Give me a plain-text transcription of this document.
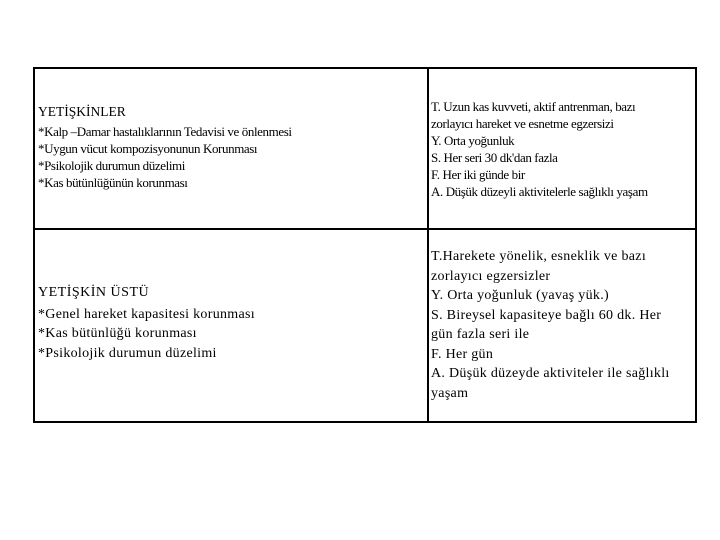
YETİŞKİNLER
*Kalp –Damar hastalıklarının Tedavisi ve önlenmesi
*Uygun vücut kompozisyonunun Korunması
*Psikolojik durumun düzelimi
*Kas bütünlüğünün korunması
T. Uzun kas kuvveti, aktif antrenman, bazı
zorlayıcı hareket ve esnetme egzersizi
Y. Orta yoğunluk
S. Her seri 30 dk'dan fazla
F. Her iki günde bir
A. Düşük düzeyli aktivitelerle sağlıklı yaşam
YETİŞKİN ÜSTÜ
*Genel hareket kapasitesi korunması
*Kas bütünlüğü korunması
*Psikolojik durumun düzelimi
T.Harekete yönelik, esneklik ve bazı
zorlayıcı egzersizler
Y. Orta yoğunluk (yavaş yük.)
S. Bireysel kapasiteye bağlı 60 dk. Her
gün fazla seri ile
F. Her gün
A. Düşük düzeyde aktiviteler ile sağlıklı
yaşam
